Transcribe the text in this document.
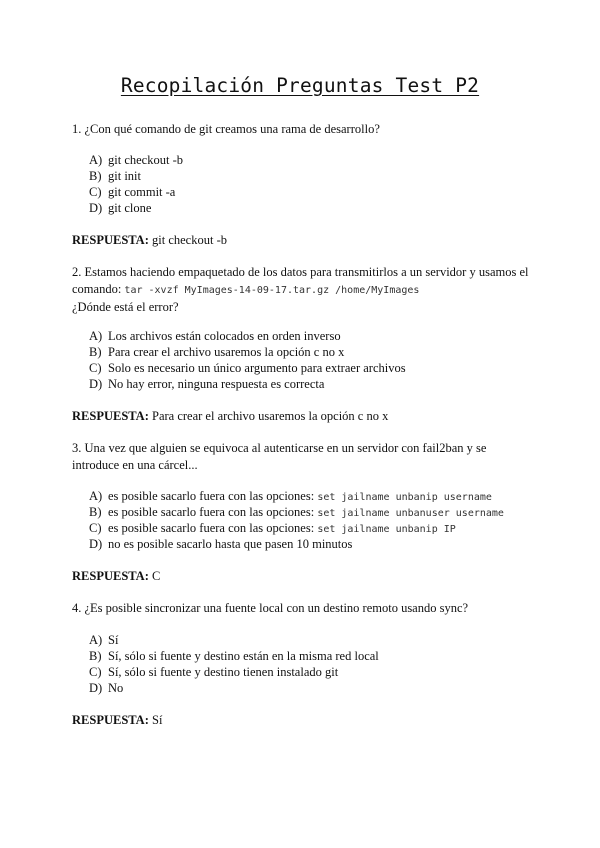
Recopilación Preguntas Test P2
1. ¿Con qué comando de git creamos una rama de desarrollo?
A) git checkout -b
B) git init
C) git commit -a
D) git clone
RESPUESTA: git checkout -b
2. Estamos haciendo empaquetado de los datos para transmitirlos a un servidor y usamos el comando: tar -xvzf MyImages-14-09-17.tar.gz /home/MyImages
¿Dónde está el error?
A) Los archivos están colocados en orden inverso
B) Para crear el archivo usaremos la opción c no x
C) Solo es necesario un único argumento para extraer archivos
D) No hay error, ninguna respuesta es correcta
RESPUESTA: Para crear el archivo usaremos la opción c no x
3. Una vez que alguien se equivoca al autenticarse en un servidor con fail2ban y se introduce en una cárcel...
A) es posible sacarlo fuera con las opciones: set jailname unbanip username
B) es posible sacarlo fuera con las opciones: set jailname unbanuser username
C) es posible sacarlo fuera con las opciones: set jailname unbanip IP
D) no es posible sacarlo hasta que pasen 10 minutos
RESPUESTA: C
4. ¿Es posible sincronizar una fuente local con un destino remoto usando sync?
A) Sí
B) Sí, sólo si fuente y destino están en la misma red local
C) Sí, sólo si fuente y destino tienen instalado git
D) No
RESPUESTA: Sí
